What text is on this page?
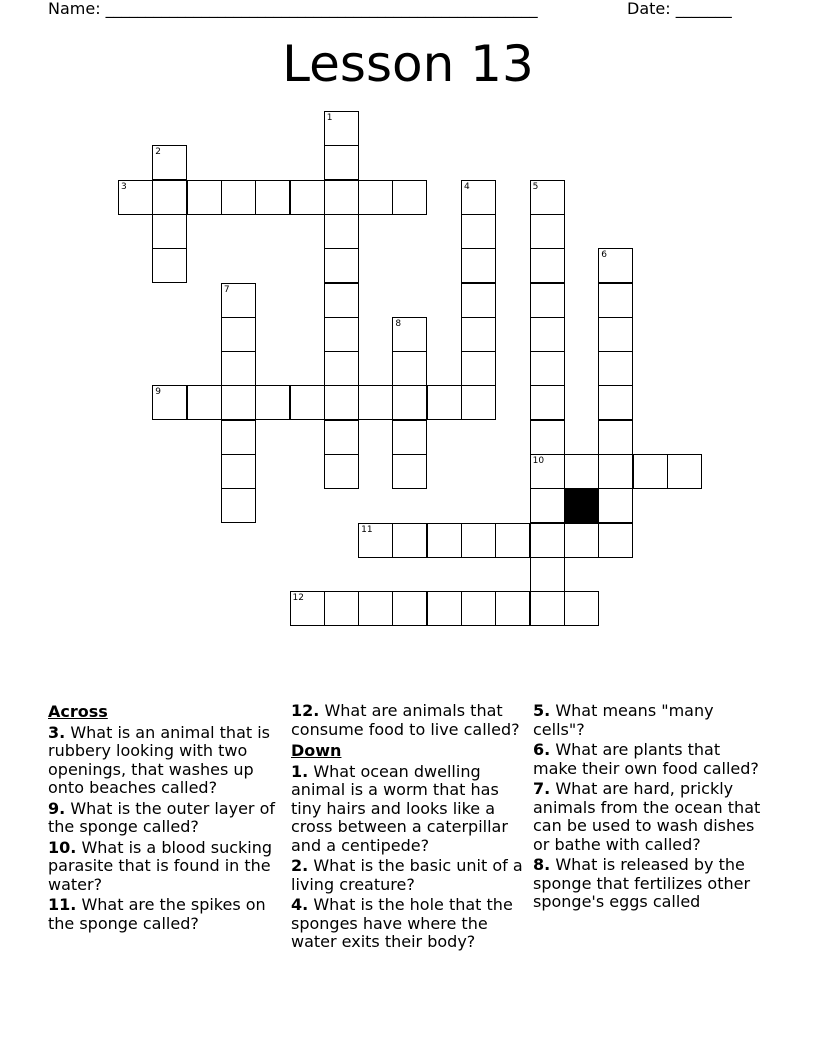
Name: ______________________________________________________	Date: _______
Lesson 13
1
2
3	4	5
6
7
8
9
10
11
12
Across
3. What is an animal that is rubbery looking with two openings, that washes up onto beaches called?
9. What is the outer layer of the sponge called?
10. What is a blood sucking parasite that is found in the water?
11. What are the spikes on the sponge called?
12. What are animals that consume food to live called?
Down
1. What ocean dwelling animal is a worm that has tiny hairs and looks like a cross between a caterpillar and a centipede?
2. What is the basic unit of a living creature?
4. What is the hole that the sponges have where the water exits their body?
5. What means "many cells"?
6. What are plants that make their own food called?
7. What are hard, prickly animals from the ocean that can be used to wash dishes or bathe with called?
8. What is released by the sponge that fertilizes other sponge's eggs called
